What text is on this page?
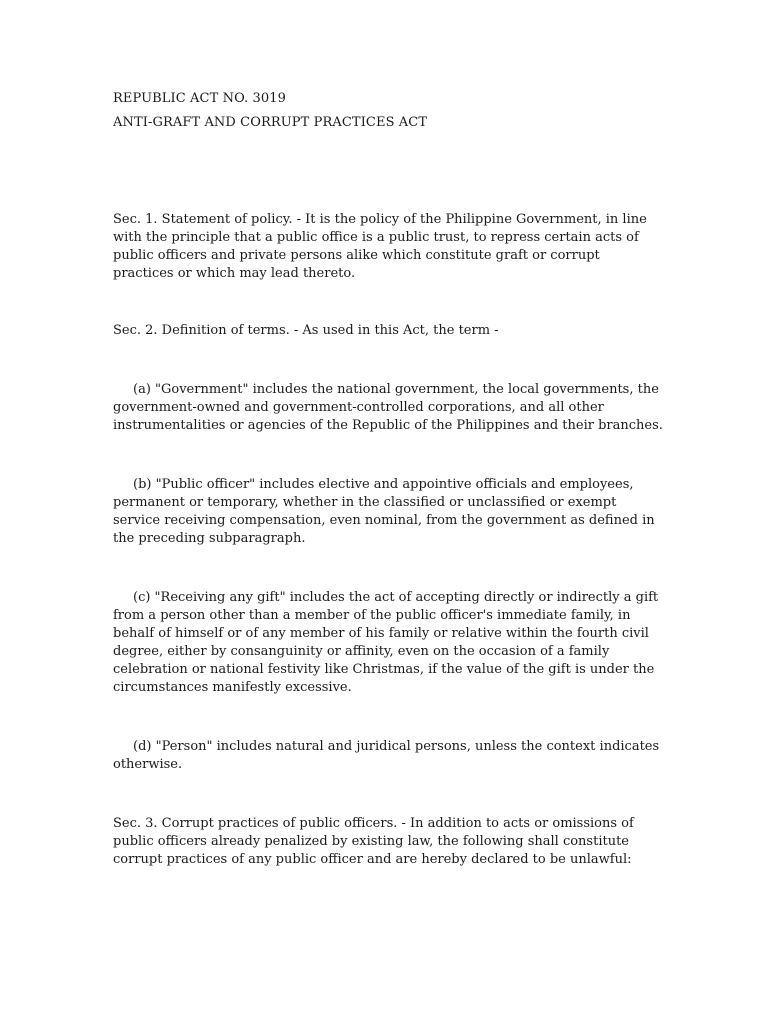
REPUBLIC ACT NO. 3019

ANTI-GRAFT AND CORRUPT PRACTICES ACT

Sec. 1. Statement of policy. - It is the policy of the Philippine Government, in line with the principle that a public office is a public trust, to repress certain acts of public officers and private persons alike which constitute graft or corrupt practices or which may lead thereto.

Sec. 2. Definition of terms. - As used in this Act, the term -

(a) "Government" includes the national government, the local governments, the government-owned and government-controlled corporations, and all other instrumentalities or agencies of the Republic of the Philippines and their branches.

(b) "Public officer" includes elective and appointive officials and employees, permanent or temporary, whether in the classified or unclassified or exempt service receiving compensation, even nominal, from the government as defined in the preceding subparagraph.

(c) "Receiving any gift" includes the act of accepting directly or indirectly a gift from a person other than a member of the public officer's immediate family, in behalf of himself or of any member of his family or relative within the fourth civil degree, either by consanguinity or affinity, even on the occasion of a family celebration or national festivity like Christmas, if the value of the gift is under the circumstances manifestly excessive.

(d) "Person" includes natural and juridical persons, unless the context indicates otherwise.

Sec. 3. Corrupt practices of public officers. - In addition to acts or omissions of public officers already penalized by existing law, the following shall constitute corrupt practices of any public officer and are hereby declared to be unlawful:
